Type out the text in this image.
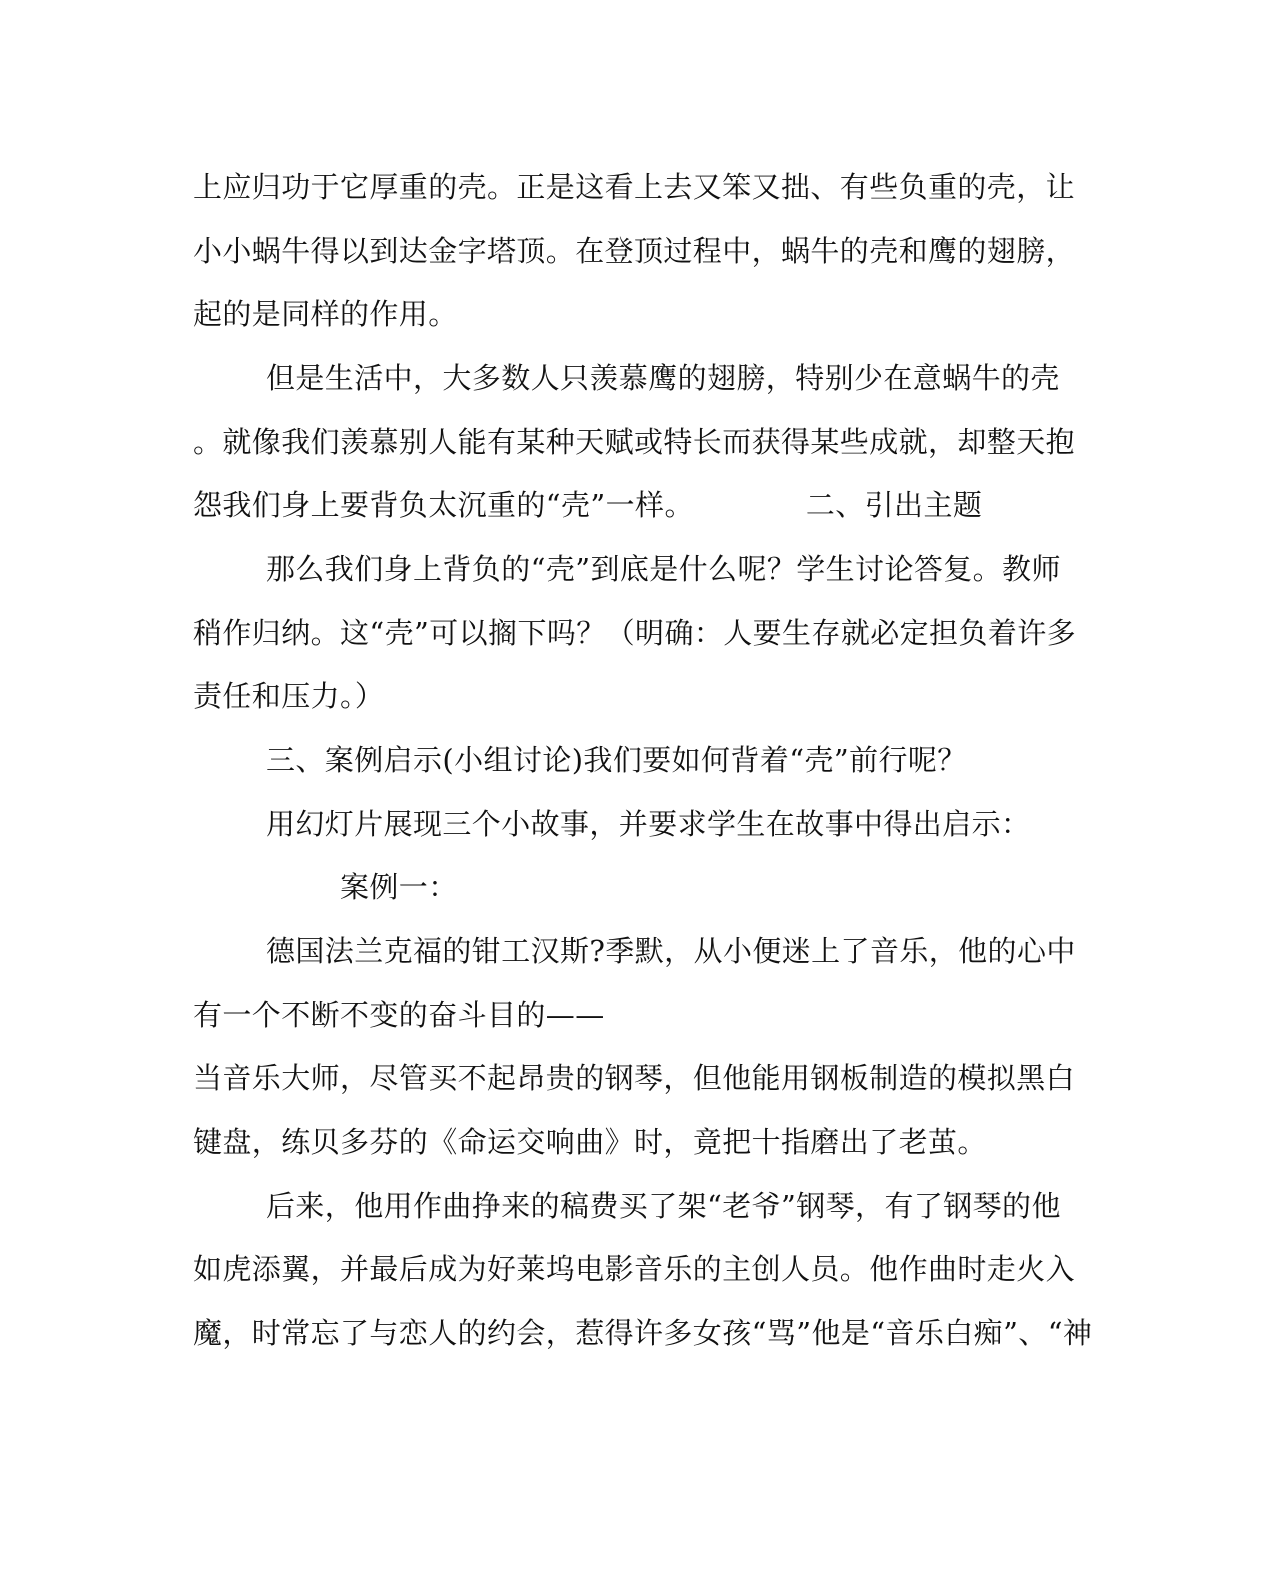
上应归功于它厚重的壳。正是这看上去又笨又拙、有些负重的壳，让
小小蜗牛得以到达金字塔顶。在登顶过程中，蜗牛的壳和鹰的翅膀，
起的是同样的作用。
但是生活中，大多数人只羡慕鹰的翅膀，特别少在意蜗牛的壳
。就像我们羡慕别人能有某种天赋或特长而获得某些成就，却整天抱
怨我们身上要背负太沉重的“壳”一样。	二、引出主题
那么我们身上背负的“壳”到底是什么呢？学生讨论答复。教师
稍作归纳。这“壳”可以搁下吗？（明确：人要生存就必定担负着许多
责任和压力。）
三、案例启示(小组讨论)我们要如何背着“壳”前行呢？
用幻灯片展现三个小故事，并要求学生在故事中得出启示：
案例一：
德国法兰克福的钳工汉斯?季默，从小便迷上了音乐，他的心中
有一个不断不变的奋斗目的——
当音乐大师，尽管买不起昂贵的钢琴，但他能用钢板制造的模拟黑白
键盘，练贝多芬的《命运交响曲》时，竟把十指磨出了老茧。
后来，他用作曲挣来的稿费买了架“老爷”钢琴，有了钢琴的他
如虎添翼，并最后成为好莱坞电影音乐的主创人员。他作曲时走火入
魔，时常忘了与恋人的约会，惹得许多女孩“骂”他是“音乐白痴”、“神
